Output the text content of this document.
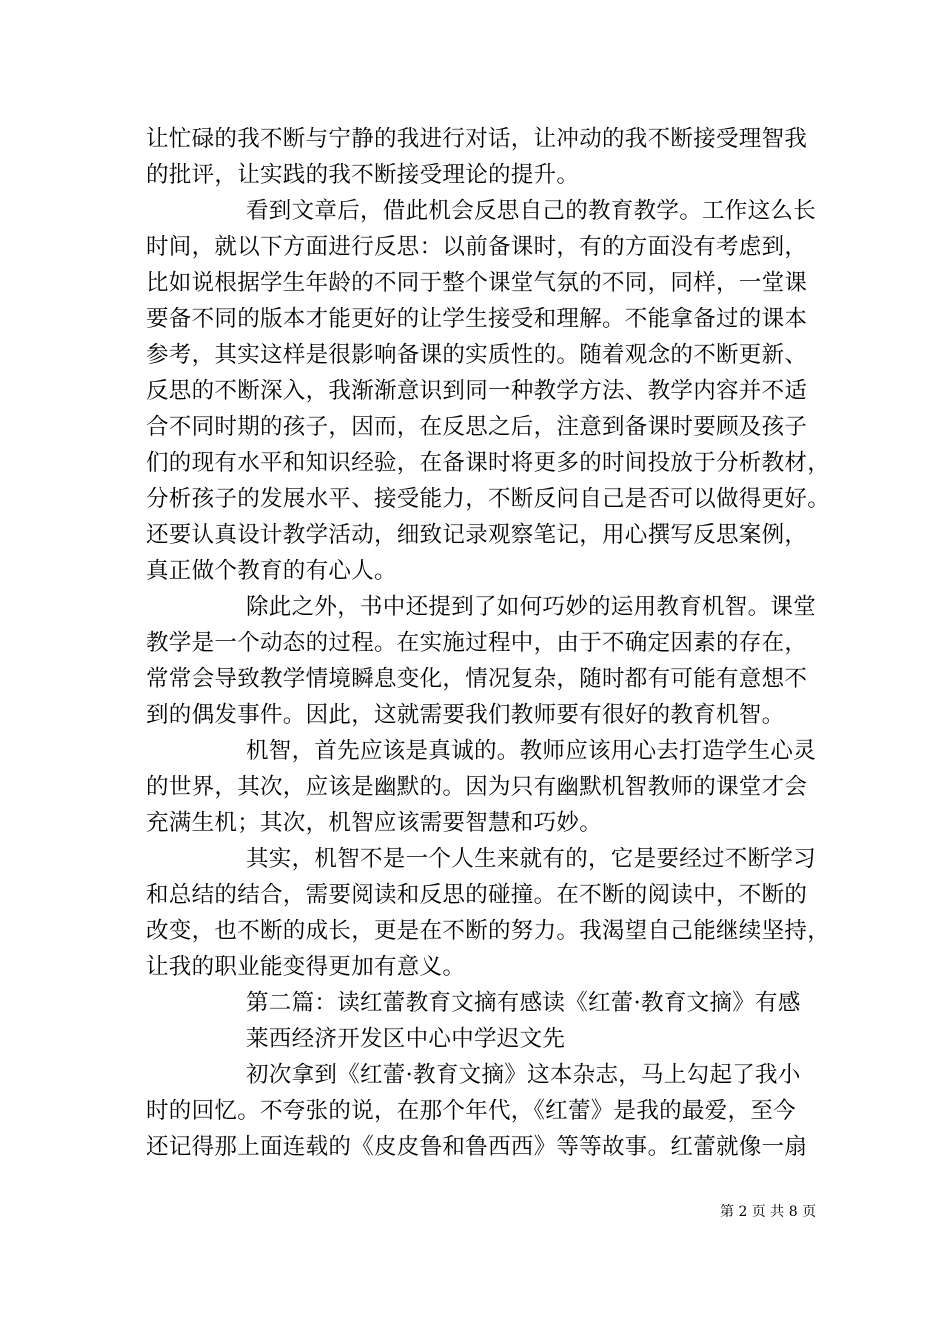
让忙碌的我不断与宁静的我进行对话，让冲动的我不断接受理智我
的批评，让实践的我不断接受理论的提升。
看到文章后，借此机会反思自己的教育教学。工作这么长
时间，就以下方面进行反思：以前备课时，有的方面没有考虑到，
比如说根据学生年龄的不同于整个课堂气氛的不同，同样，一堂课
要备不同的版本才能更好的让学生接受和理解。不能拿备过的课本
参考，其实这样是很影响备课的实质性的。随着观念的不断更新、
反思的不断深入，我渐渐意识到同一种教学方法、教学内容并不适
合不同时期的孩子，因而，在反思之后，注意到备课时要顾及孩子
们的现有水平和知识经验，在备课时将更多的时间投放于分析教材，
分析孩子的发展水平、接受能力，不断反问自己是否可以做得更好。
还要认真设计教学活动，细致记录观察笔记，用心撰写反思案例，
真正做个教育的有心人。
除此之外，书中还提到了如何巧妙的运用教育机智。课堂
教学是一个动态的过程。在实施过程中，由于不确定因素的存在，
常常会导致教学情境瞬息变化，情况复杂，随时都有可能有意想不
到的偶发事件。因此，这就需要我们教师要有很好的教育机智。
机智，首先应该是真诚的。教师应该用心去打造学生心灵
的世界，其次，应该是幽默的。因为只有幽默机智教师的课堂才会
充满生机；其次，机智应该需要智慧和巧妙。
其实，机智不是一个人生来就有的，它是要经过不断学习
和总结的结合，需要阅读和反思的碰撞。在不断的阅读中，不断的
改变，也不断的成长，更是在不断的努力。我渴望自己能继续坚持，
让我的职业能变得更加有意义。
第二篇：读红蕾教育文摘有感读《红蕾·教育文摘》有感
莱西经济开发区中心中学迟文先
初次拿到《红蕾·教育文摘》这本杂志，马上勾起了我小
时的回忆。不夸张的说，在那个年代，《红蕾》是我的最爱，至今
还记得那上面连载的《皮皮鲁和鲁西西》等等故事。红蕾就像一扇
第 2 页 共 8 页
